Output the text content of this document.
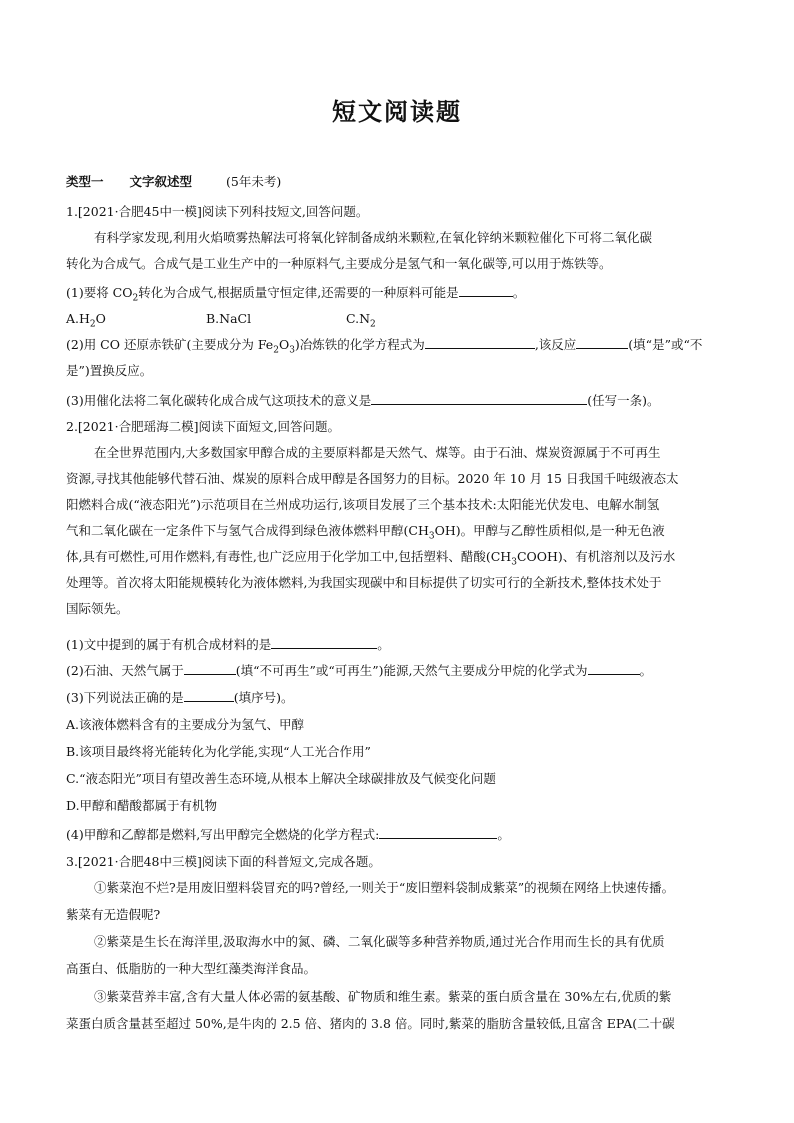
短文阅读题
类型一 文字叙述型	(5年未考)
1.[2021·合肥45中一模]阅读下列科技短文,回答问题。
有科学家发现,利用火焰喷雾热解法可将氧化锌制备成纳米颗粒,在氧化锌纳米颗粒催化下可将二氧化碳
转化为合成气。合成气是工业生产中的一种原料气,主要成分是氢气和一氧化碳等,可以用于炼铁等。
(1)要将 $CO_2$转化为合成气,根据质量守恒定律,还需要的一种原料可能是	。
$A.H_2O$	B.NaCl	$C.N_2$
(2)用 CO 还原赤铁矿(主要成分为 $Fe_2O_3$)冶炼铁的化学方程式为	,该反应	(填“是”或“不
是”)置换反应。
(3)用催化法将二氧化碳转化成合成气这项技术的意义是	(任写一条)。
2.[2021·合肥瑶海二模]阅读下面短文,回答问题。
在全世界范围内,大多数国家甲醇合成的主要原料都是天然气、煤等。由于石油、煤炭资源属于不可再生
资源,寻找其他能够代替石油、煤炭的原料合成甲醇是各国努力的目标。2020 年 10 月 15 日我国千吨级液态太
阳燃料合成(“液态阳光”)示范项目在兰州成功运行,该项目发展了三个基本技术:太阳能光伏发电、电解水制氢
气和二氧化碳在一定条件下与氢气合成得到绿色液体燃料甲醇$(CH_3OH)$。甲醇与乙醇性质相似,是一种无色液
体,具有可燃性,可用作燃料,有毒性,也广泛应用于化学加工中,包括塑料、醋酸$(CH_3COOH)$、有机溶剂以及污水
处理等。首次将太阳能规模转化为液体燃料,为我国实现碳中和目标提供了切实可行的全新技术,整体技术处于
国际领先。
(1)文中提到的属于有机合成材料的是	。
(2)石油、天然气属于	(填“不可再生”或“可再生”)能源,天然气主要成分甲烷的化学式为	。
(3)下列说法正确的是	(填序号)。
A.该液体燃料含有的主要成分为氢气、甲醇
B.该项目最终将光能转化为化学能,实现“人工光合作用”
C.“液态阳光”项目有望改善生态环境,从根本上解决全球碳排放及气候变化问题
D.甲醇和醋酸都属于有机物
(4)甲醇和乙醇都是燃料,写出甲醇完全燃烧的化学方程式:	。
3.[2021·合肥48中三模]阅读下面的科普短文,完成各题。
①紫菜泡不烂?是用废旧塑料袋冒充的吗?曾经,一则关于“废旧塑料袋制成紫菜”的视频在网络上快速传播。
紫菜有无造假呢?
②紫菜是生长在海洋里,汲取海水中的氮、磷、二氧化碳等多种营养物质,通过光合作用而生长的具有优质
高蛋白、低脂肪的一种大型红藻类海洋食品。
③紫菜营养丰富,含有大量人体必需的氨基酸、矿物质和维生素。紫菜的蛋白质含量在 30%左右,优质的紫
菜蛋白质含量甚至超过 50%,是牛肉的 2.5 倍、猪肉的 3.8 倍。同时,紫菜的脂肪含量较低,且富含 EPA(二十碳
